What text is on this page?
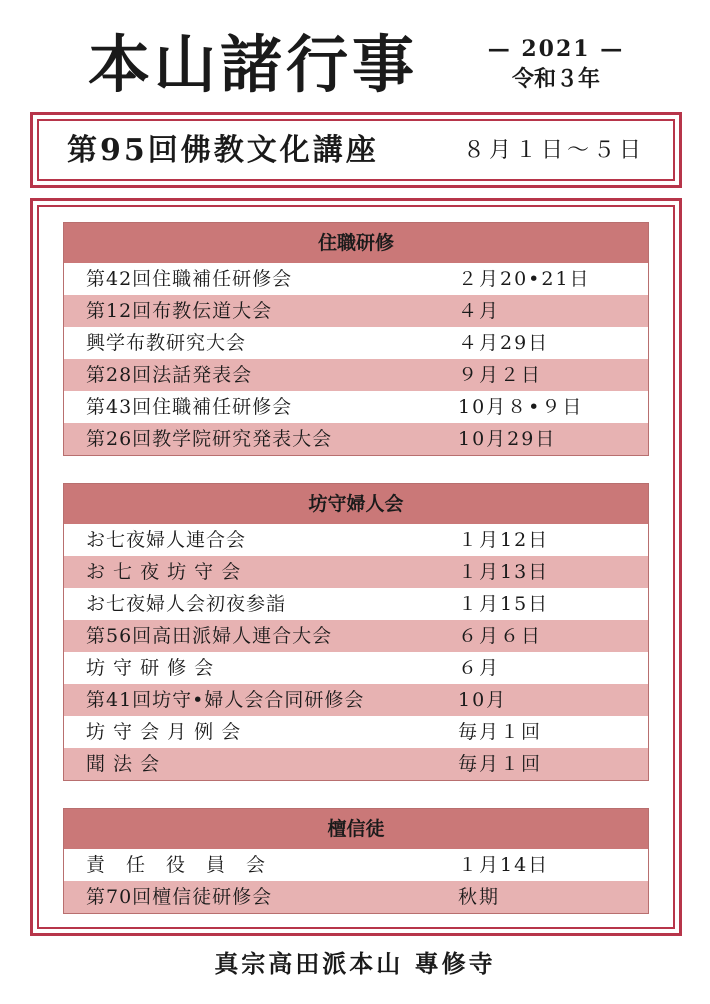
本山諸行事	— 2021 —
令和３年
第95回佛教文化講座	８月１日～５日
住職研修
第42回住職補任研修会	２月20•21日
第12回布教伝道大会	４月
興学布教研究大会	４月29日
第28回法話発表会	９月２日
第43回住職補任研修会	10月８•９日
第26回教学院研究発表大会	10月29日
坊守婦人会
お七夜婦人連合会	１月12日
お 七 夜 坊 守 会	１月13日
お七夜婦人会初夜参詣	１月15日
第56回高田派婦人連合大会	６月６日
坊 守 研 修 会	６月
第41回坊守•婦人会合同研修会	10月
坊 守 会 月 例 会	毎月１回
聞 法 会	毎月１回
檀信徒
責　任　役　員　会	１月14日
第70回檀信徒研修会	秋期
真宗高田派本山 專修寺
